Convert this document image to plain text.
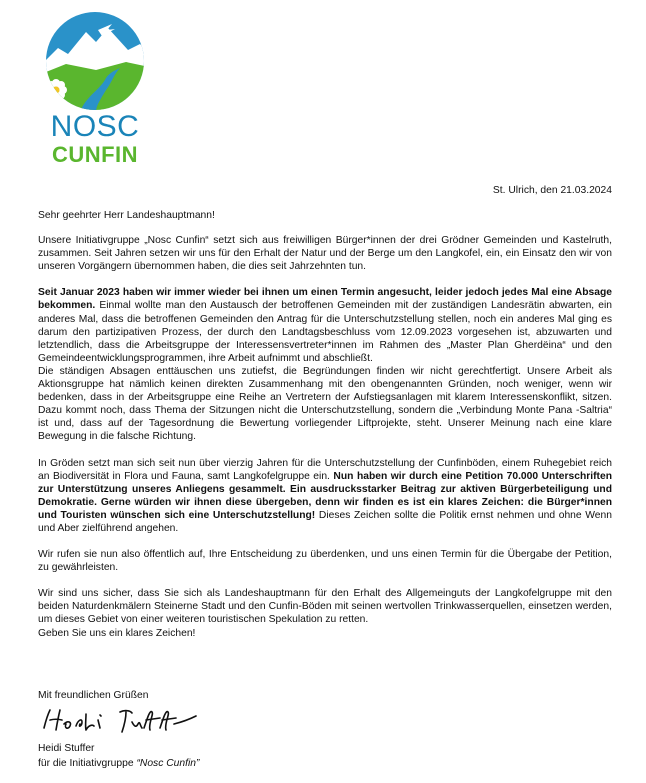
NOSC
CUNFIN
St. Ulrich, den 21.03.2024
Sehr geehrter Herr Landeshauptmann!
Unsere Initiativgruppe „Nosc Cunfin“ setzt sich aus freiwilligen Bürger*innen der drei Grödner Gemeinden und Kastelruth, zusammen. Seit Jahren setzen wir uns für den Erhalt der Natur und der Berge um den Langkofel, ein, ein Einsatz den wir von unseren Vorgängern übernommen haben, die dies seit Jahrzehnten tun.

Seit Januar 2023 haben wir immer wieder bei ihnen um einen Termin angesucht, leider jedoch jedes Mal eine Absage bekommen. Einmal wollte man den Austausch der betroffenen Gemeinden mit der zuständigen Landesrätin abwarten, ein anderes Mal, dass die betroffenen Gemeinden den Antrag für die Unterschutzstellung stellen, noch ein anderes Mal ging es darum den partizipativen Prozess, der durch den Landtagsbeschluss vom 12.09.2023 vorgesehen ist, abzuwarten und letztendlich, dass die Arbeitsgruppe der Interessensvertreter*innen im Rahmen des „Master Plan Gherdëina“ und den Gemeindeentwicklungsprogrammen, ihre Arbeit aufnimmt und abschließt.

Die ständigen Absagen enttäuschen uns zutiefst, die Begründungen finden wir nicht gerechtfertigt. Unsere Arbeit als Aktionsgruppe hat nämlich keinen direkten Zusammenhang mit den obengenannten Gründen, noch weniger, wenn wir bedenken, dass in der Arbeitsgruppe eine Reihe an Vertretern der Aufstiegsanlagen mit klarem Interessenskonflikt, sitzen. Dazu kommt noch, dass Thema der Sitzungen nicht die Unterschutzstellung, sondern die „Verbindung Monte Pana -Saltria“ ist und, dass auf der Tagesordnung die Bewertung vorliegender Liftprojekte, steht. Unserer Meinung nach eine klare Bewegung in die falsche Richtung.

In Gröden setzt man sich seit nun über vierzig Jahren für die Unterschutzstellung der Cunfinböden, einem Ruhegebiet reich an Biodiversität in Flora und Fauna, samt Langkofelgruppe ein. Nun haben wir durch eine Petition 70.000 Unterschriften zur Unterstützung unseres Anliegens gesammelt. Ein ausdrucksstarker Beitrag zur aktiven Bürgerbeteiligung und Demokratie. Gerne würden wir ihnen diese übergeben, denn wir finden es ist ein klares Zeichen: die Bürger*innen und Touristen wünschen sich eine Unterschutzstellung! Dieses Zeichen sollte die Politik ernst nehmen und ohne Wenn und Aber zielführend angehen.
Wir rufen sie nun also öffentlich auf, Ihre Entscheidung zu überdenken, und uns einen Termin für die Übergabe der Petition, zu gewährleisten.

Wir sind uns sicher, dass Sie sich als Landeshauptmann für den Erhalt des Allgemeinguts der Langkofelgruppe mit den beiden Naturdenkmälern Steinerne Stadt und den Cunfin-Böden mit seinen wertvollen Trinkwasserquellen, einsetzen werden, um dieses Gebiet von einer weiteren touristischen Spekulation zu retten.

Geben Sie uns ein klares Zeichen!

Mit freundlichen Grüßen
Heidi Stuffer
für die Initiativgruppe “Nosc Cunfin”
